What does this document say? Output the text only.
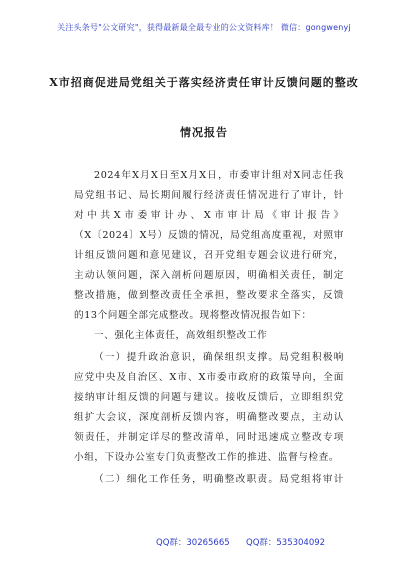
关注头条号"公文研究"，获得最新最全最专业的公文资料库！ 微信：gongwenyj
X市招商促进局党组关于落实经济责任审计反馈问题的整改
情况报告
2024年X月X日至X月X日，市委审计组对X同志任我
局党组书记、局长期间履行经济责任情况进行了审计，针
对中共X市委审计办、X市审计局《审计报告》
（X〔2024〕X号）反馈的情况，局党组高度重视，对照审
计组反馈问题和意见建议，召开党组专题会议进行研究，
主动认领问题，深入剖析问题原因，明确相关责任，制定
整改措施，做到整改责任全承担，整改要求全落实，反馈
的13个问题全部完成整改。现将整改情况报告如下：
一、强化主体责任，高效组织整改工作
（一）提升政治意识，确保组织支撑。局党组积极响
应党中央及自治区、X市、X市委市政府的政策导向，全面
接纳审计组反馈的问题与建议。接收反馈后，立即组织党
组扩大会议，深度剖析反馈内容，明确整改要点，主动认
领责任，并制定详尽的整改清单，同时迅速成立整改专项
小组，下设办公室专门负责整改工作的推进、监督与检查。
（二）细化工作任务，明确整改职责。局党组将审计
QQ群：30265665 QQ群：535304092
